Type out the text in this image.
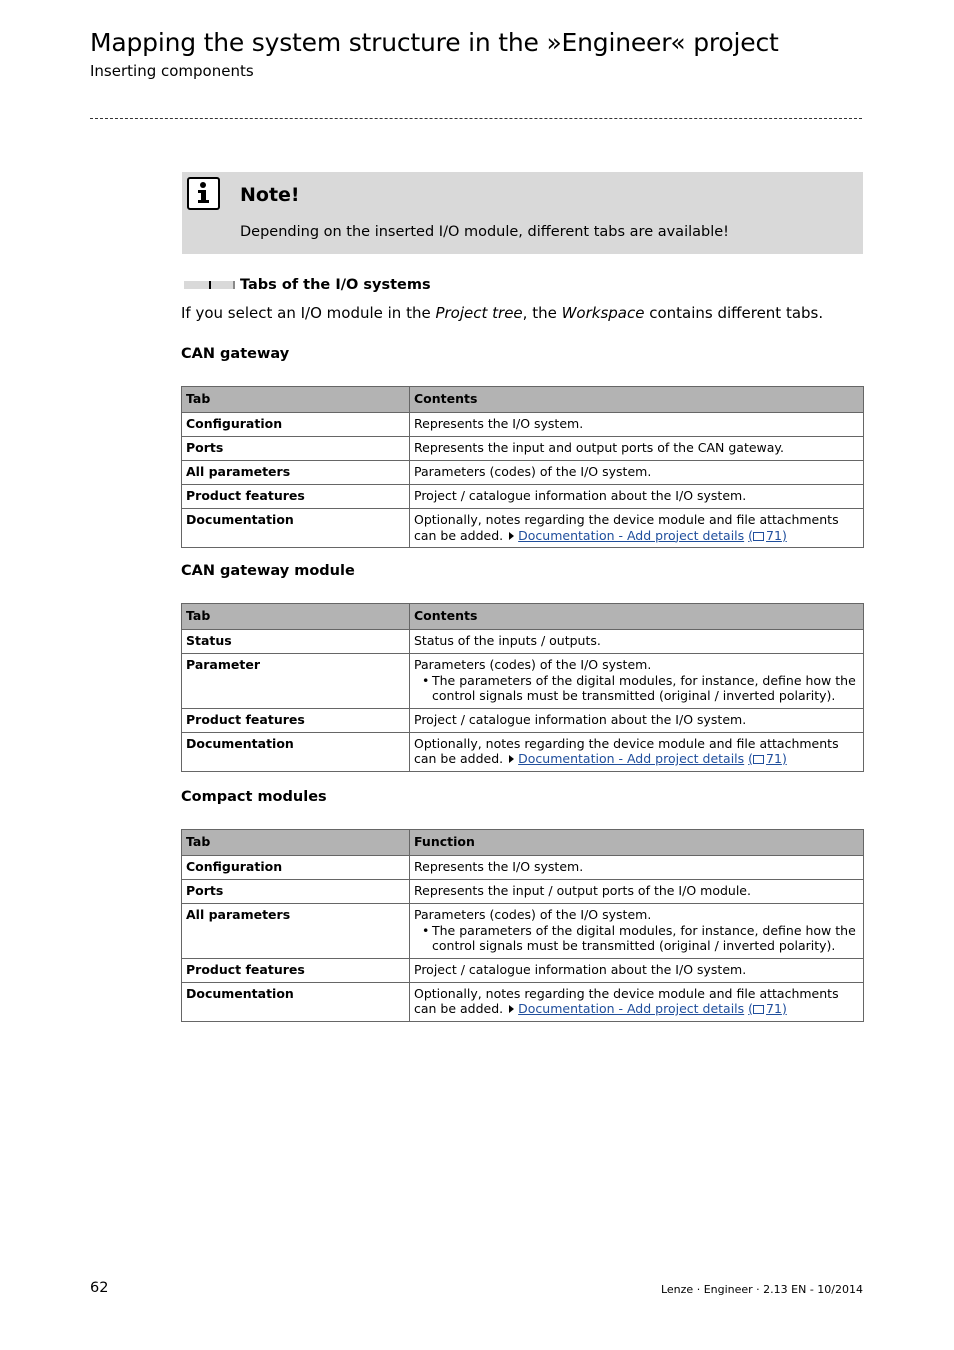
Mapping the system structure in the »Engineer« project
Inserting components
Note!
Depending on the inserted I/O module, different tabs are available!
Tabs of the I/O systems
If you select an I/O module in the Project tree, the Workspace contains different tabs.
CAN gateway
Tab	Contents
Configuration	Represents the I/O system.
Ports	Represents the input and output ports of the CAN gateway.
All parameters	Parameters (codes) of the I/O system.
Product features	Project / catalogue information about the I/O system.
Documentation	Optionally, notes regarding the device module and file attachments can be added. Documentation - Add project details ( 71)
CAN gateway module
Tab	Contents
Status	Status of the inputs / outputs.
Parameter	Parameters (codes) of the I/O system.
• The parameters of the digital modules, for instance, define how the control signals must be transmitted (original / inverted polarity).

Product features	Project / catalogue information about the I/O system.
Documentation	Optionally, notes regarding the device module and file attachments can be added. Documentation - Add project details ( 71)
Compact modules
Tab	Function
Configuration	Represents the I/O system.
Ports	Represents the input / output ports of the I/O module.
All parameters	Parameters (codes) of the I/O system.
• The parameters of the digital modules, for instance, define how the control signals must be transmitted (original / inverted polarity).

Product features	Project / catalogue information about the I/O system.
Documentation	Optionally, notes regarding the device module and file attachments can be added. Documentation - Add project details ( 71)
62	Lenze · Engineer · 2.13 EN - 10/2014
